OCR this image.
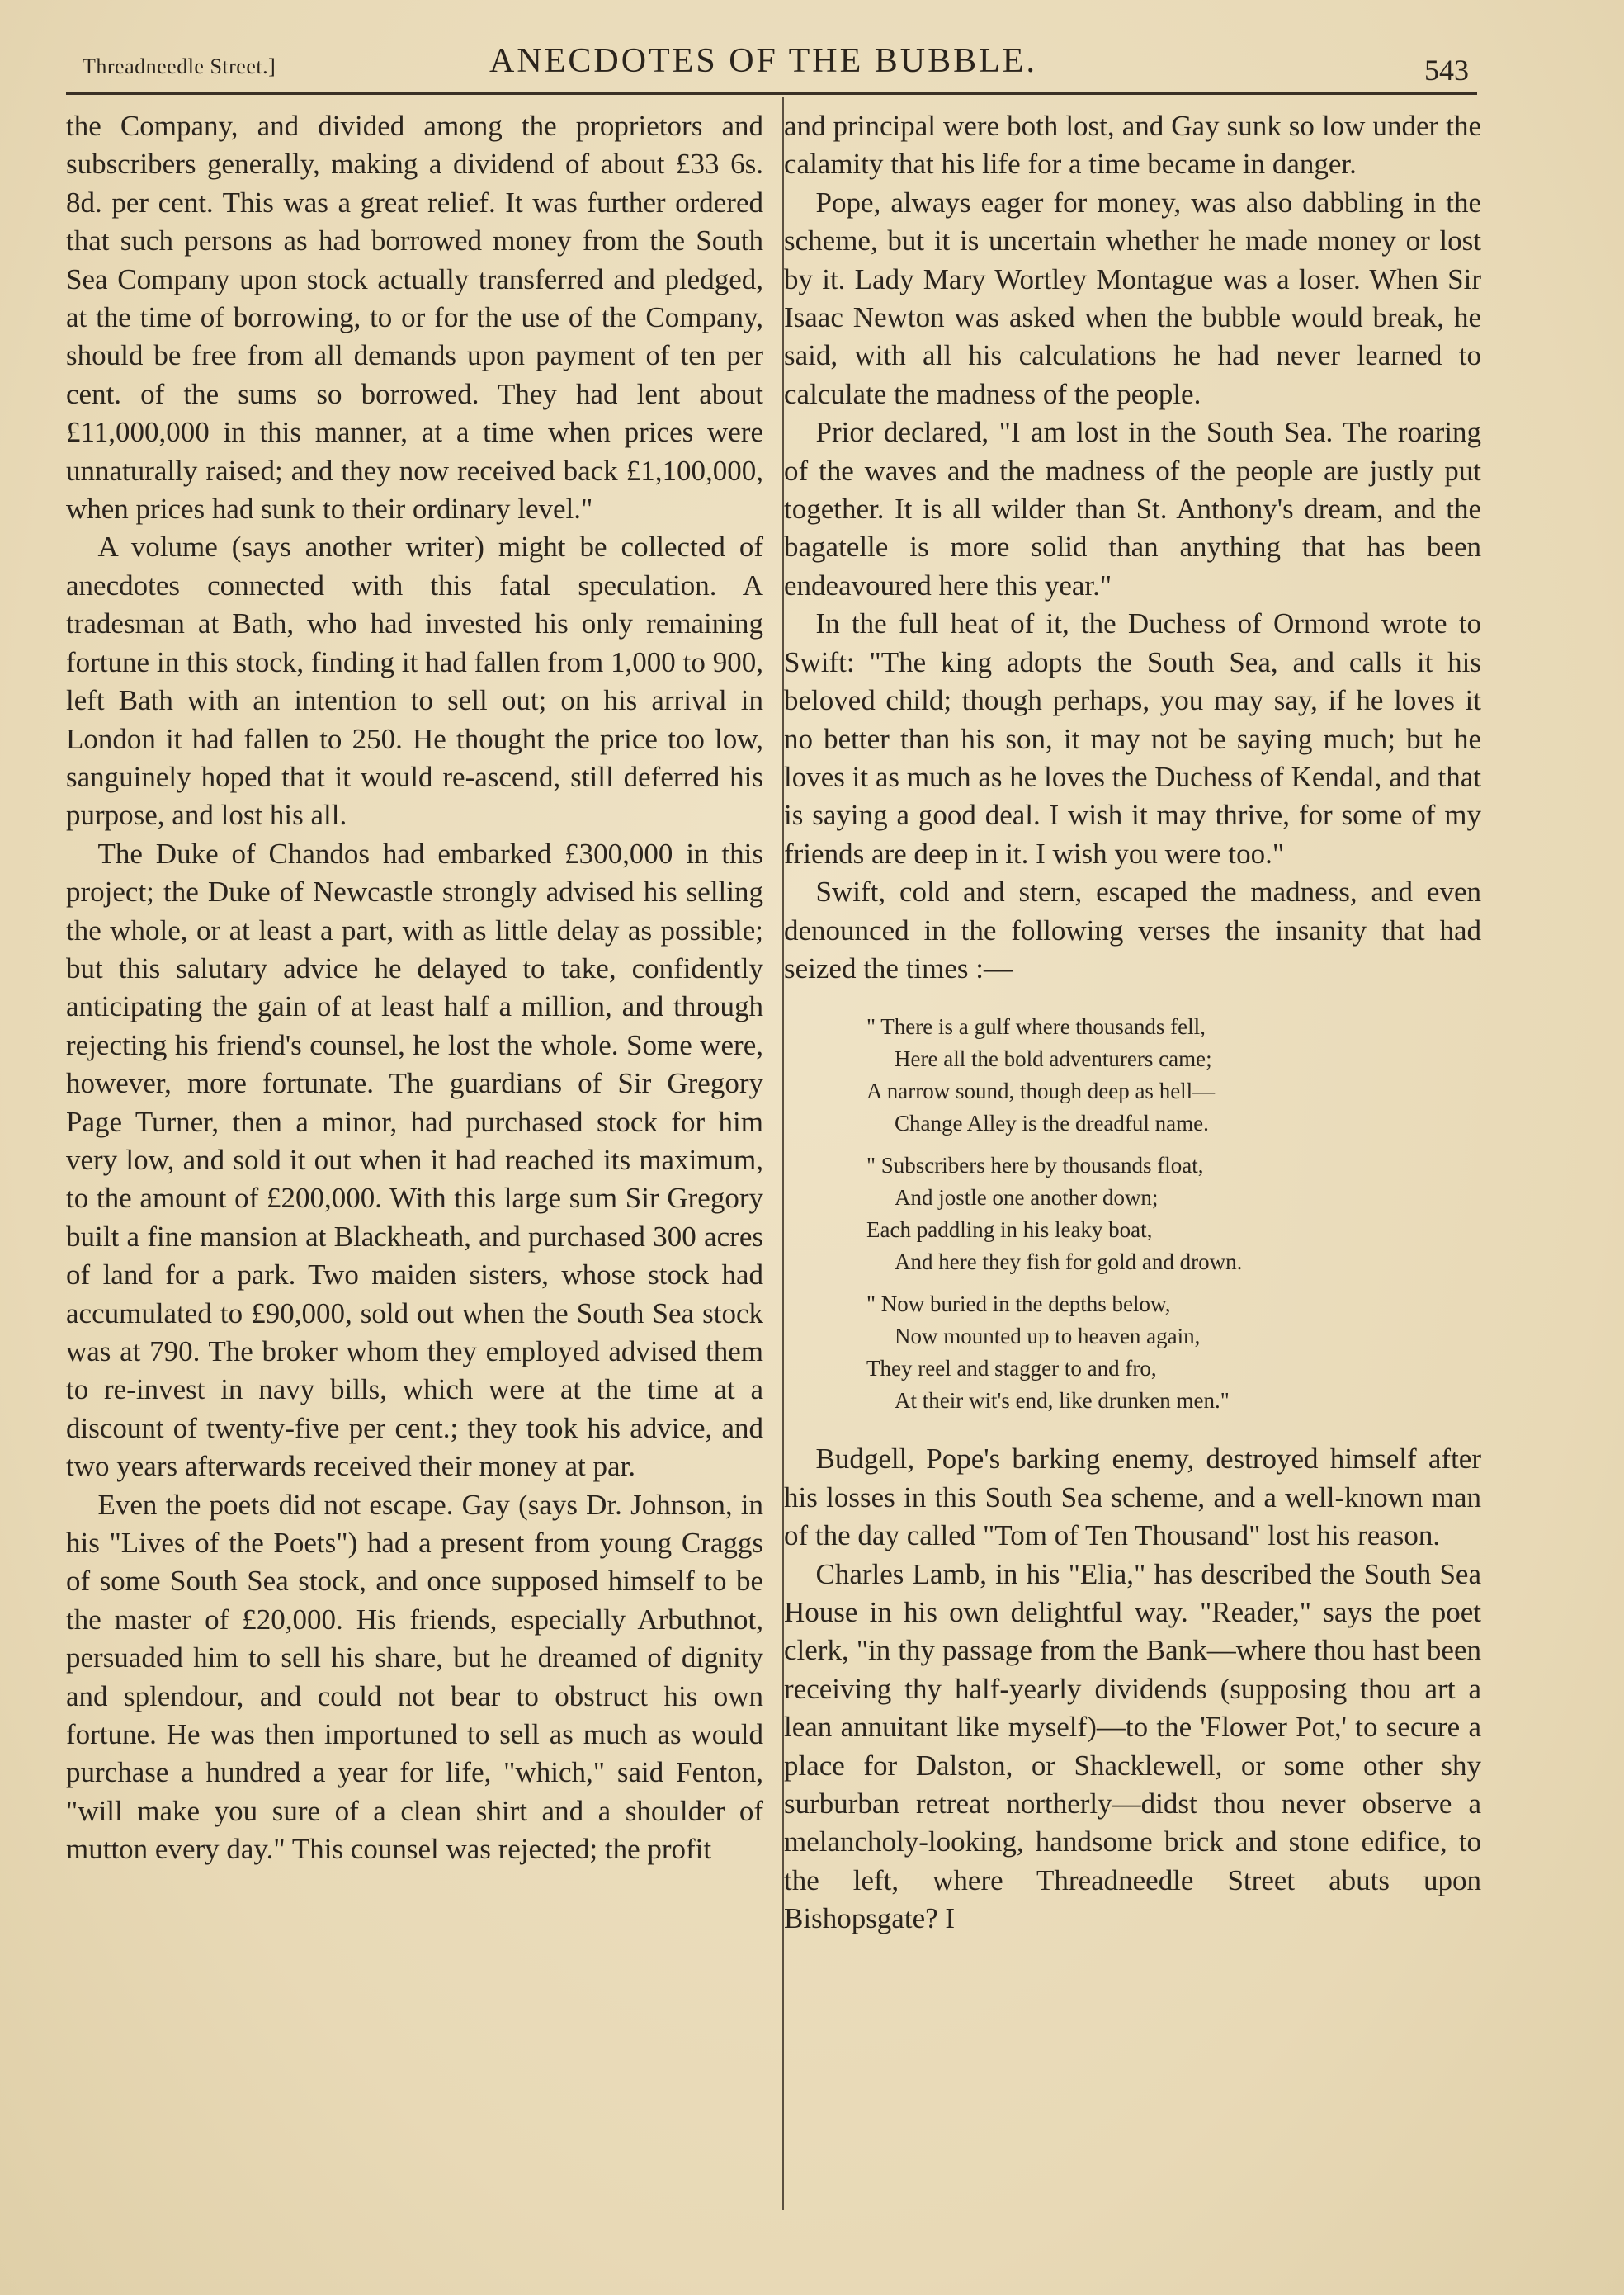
Threadneedle Street.]	ANECDOTES OF THE BUBBLE.	543

the Company, and divided among the proprietors and subscribers generally, making a dividend of about £33 6s. 8d. per cent. This was a great relief. It was further ordered that such persons as had borrowed money from the South Sea Company upon stock actually transferred and pledged, at the time of borrowing, to or for the use of the Company, should be free from all demands upon payment of ten per cent. of the sums so borrowed. They had lent about £11,000,000 in this manner, at a time when prices were unnaturally raised; and they now received back £1,100,000, when prices had sunk to their ordinary level."

A volume (says another writer) might be collected of anecdotes connected with this fatal speculation. A tradesman at Bath, who had invested his only remaining fortune in this stock, finding it had fallen from 1,000 to 900, left Bath with an intention to sell out; on his arrival in London it had fallen to 250. He thought the price too low, sanguinely hoped that it would re-ascend, still deferred his purpose, and lost his all.

The Duke of Chandos had embarked £300,000 in this project; the Duke of Newcastle strongly advised his selling the whole, or at least a part, with as little delay as possible; but this salutary advice he delayed to take, confidently anticipating the gain of at least half a million, and through rejecting his friend's counsel, he lost the whole. Some were, however, more fortunate. The guardians of Sir Gregory Page Turner, then a minor, had purchased stock for him very low, and sold it out when it had reached its maximum, to the amount of £200,000. With this large sum Sir Gregory built a fine mansion at Blackheath, and purchased 300 acres of land for a park. Two maiden sisters, whose stock had accumulated to £90,000, sold out when the South Sea stock was at 790. The broker whom they employed advised them to re-invest in navy bills, which were at the time at a discount of twenty-five per cent.; they took his advice, and two years afterwards received their money at par.

Even the poets did not escape. Gay (says Dr. Johnson, in his "Lives of the Poets") had a present from young Craggs of some South Sea stock, and once supposed himself to be the master of £20,000. His friends, especially Arbuthnot, persuaded him to sell his share, but he dreamed of dignity and splendour, and could not bear to obstruct his own fortune. He was then importuned to sell as much as would purchase a hundred a year for life, "which," said Fenton, "will make you sure of a clean shirt and a shoulder of mutton every day." This counsel was rejected; the profit

and principal were both lost, and Gay sunk so low under the calamity that his life for a time became in danger.

Pope, always eager for money, was also dabbling in the scheme, but it is uncertain whether he made money or lost by it. Lady Mary Wortley Montague was a loser. When Sir Isaac Newton was asked when the bubble would break, he said, with all his calculations he had never learned to calculate the madness of the people.

Prior declared, "I am lost in the South Sea. The roaring of the waves and the madness of the people are justly put together. It is all wilder than St. Anthony's dream, and the bagatelle is more solid than anything that has been endeavoured here this year."

In the full heat of it, the Duchess of Ormond wrote to Swift: "The king adopts the South Sea, and calls it his beloved child; though perhaps, you may say, if he loves it no better than his son, it may not be saying much; but he loves it as much as he loves the Duchess of Kendal, and that is saying a good deal. I wish it may thrive, for some of my friends are deep in it. I wish you were too."

Swift, cold and stern, escaped the madness, and even denounced in the following verses the insanity that had seized the times :—

" There is a gulf where thousands fell,
Here all the bold adventurers came;
A narrow sound, though deep as hell—
Change Alley is the dreadful name.
" Subscribers here by thousands float,
And jostle one another down;
Each paddling in his leaky boat,
And here they fish for gold and drown.
" Now buried in the depths below,
Now mounted up to heaven again,
They reel and stagger to and fro,
At their wit's end, like drunken men."

Budgell, Pope's barking enemy, destroyed himself after his losses in this South Sea scheme, and a well-known man of the day called "Tom of Ten Thousand" lost his reason.

Charles Lamb, in his "Elia," has described the South Sea House in his own delightful way. "Reader," says the poet clerk, "in thy passage from the Bank—where thou hast been receiving thy half-yearly dividends (supposing thou art a lean annuitant like myself)—to the 'Flower Pot,' to secure a place for Dalston, or Shacklewell, or some other shy surburban retreat northerly—didst thou never observe a melancholy-looking, handsome brick and stone edifice, to the left, where Threadneedle Street abuts upon Bishopsgate? I
